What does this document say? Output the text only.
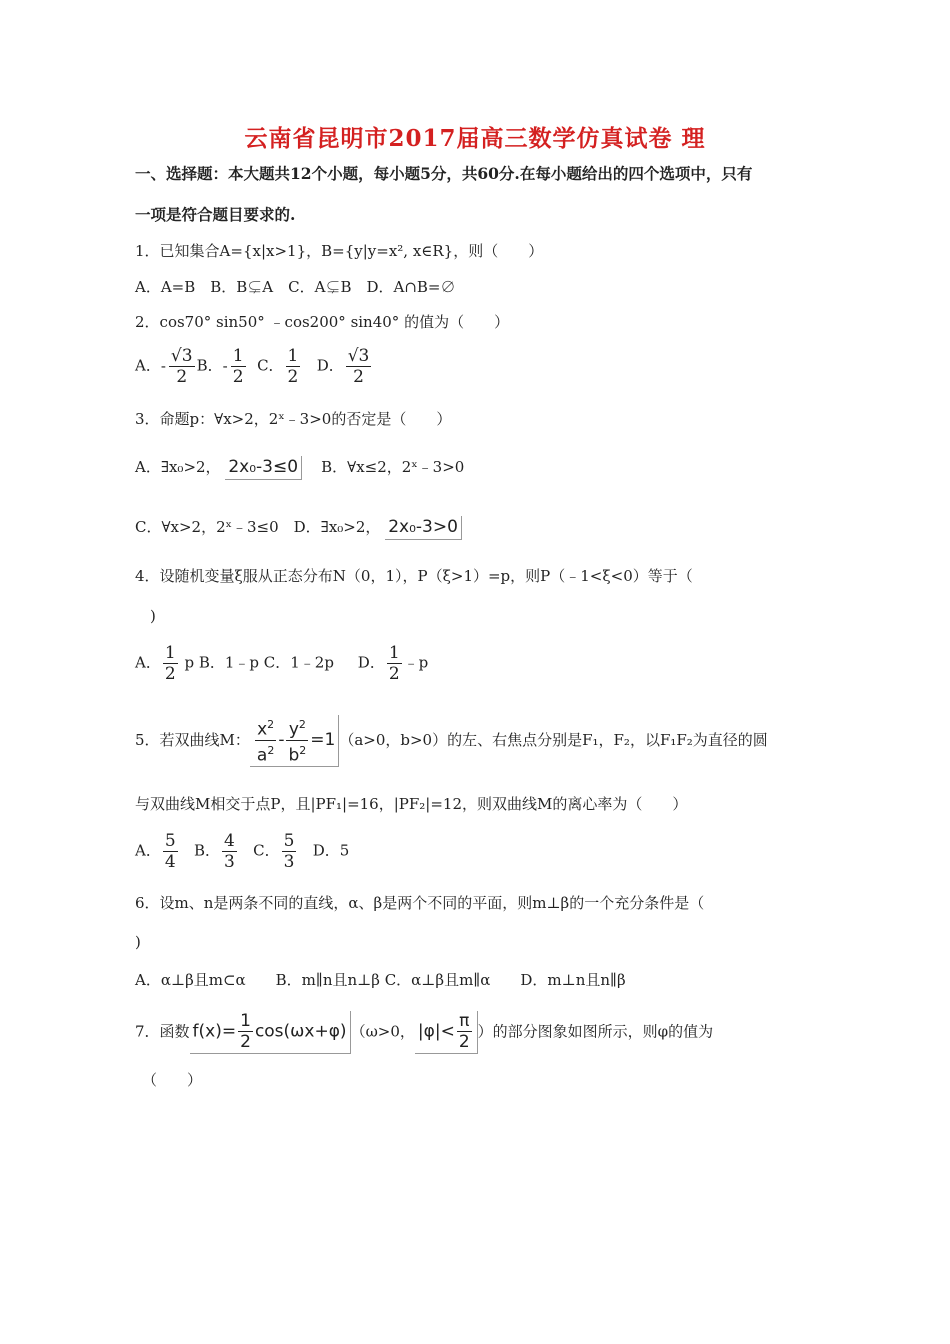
云南省昆明市2017届高三数学仿真试卷 理
一、选择题：本大题共12个小题，每小题5分，共60分.在每小题给出的四个选项中，只有
一项是符合题目要求的.
1．已知集合A={x|x>1}，B={y|y=x², x∈R}，则（　　）
A．A=B　B．B⊊A　C．A⊊B　D．A∩B=∅
2．cos70° sin50° ﹣cos200° sin40° 的值为（　　）
A．- $\frac{√3}{2}$ B．- $\frac{1}{2}$ C． $\frac{1}{2}$ D． $\frac{√3}{2}$
3．命题p：∀x>2，2ˣ﹣3>0的否定是（　　）
A．∃x₀>2， 2x₀-3≤0 B．∀x≤2，2ˣ﹣3>0
C．∀x>2，2ˣ﹣3≤0　D．∃x₀>2， 2x₀-3>0
4．设随机变量ξ服从正态分布N（0，1），P（ξ>1）=p，则P（﹣1<ξ<0）等于（
)
A． $\frac{1}{2}$ p B．1﹣p C．1﹣2p D． $\frac{1}{2}$ ﹣p
5．若双曲线M： $\frac{x^2}{a^2} - \frac{y^2}{b^2} =1$ （a>0，b>0）的左、右焦点分别是F₁，F₂，以F₁F₂为直径的圆
与双曲线M相交于点P，且|PF₁|=16，|PF₂|=12，则双曲线M的离心率为（　　）
A． $\frac{5}{4}$ B． $\frac{4}{3}$ C． $\frac{5}{3}$ D．5
6．设m、n是两条不同的直线，α、β是两个不同的平面，则m⊥β的一个充分条件是（
)
A．α⊥β且m⊂α　　B．m∥n且n⊥β C．α⊥β且m∥α　　D．m⊥n且n∥β
7．函数 $f(x)= \frac{1}{2} \cos(\omega x+\varphi)$ （ω>0， $|\varphi|< \frac{\pi}{2}$ ）的部分图象如图所示，则φ的值为
（　　）
